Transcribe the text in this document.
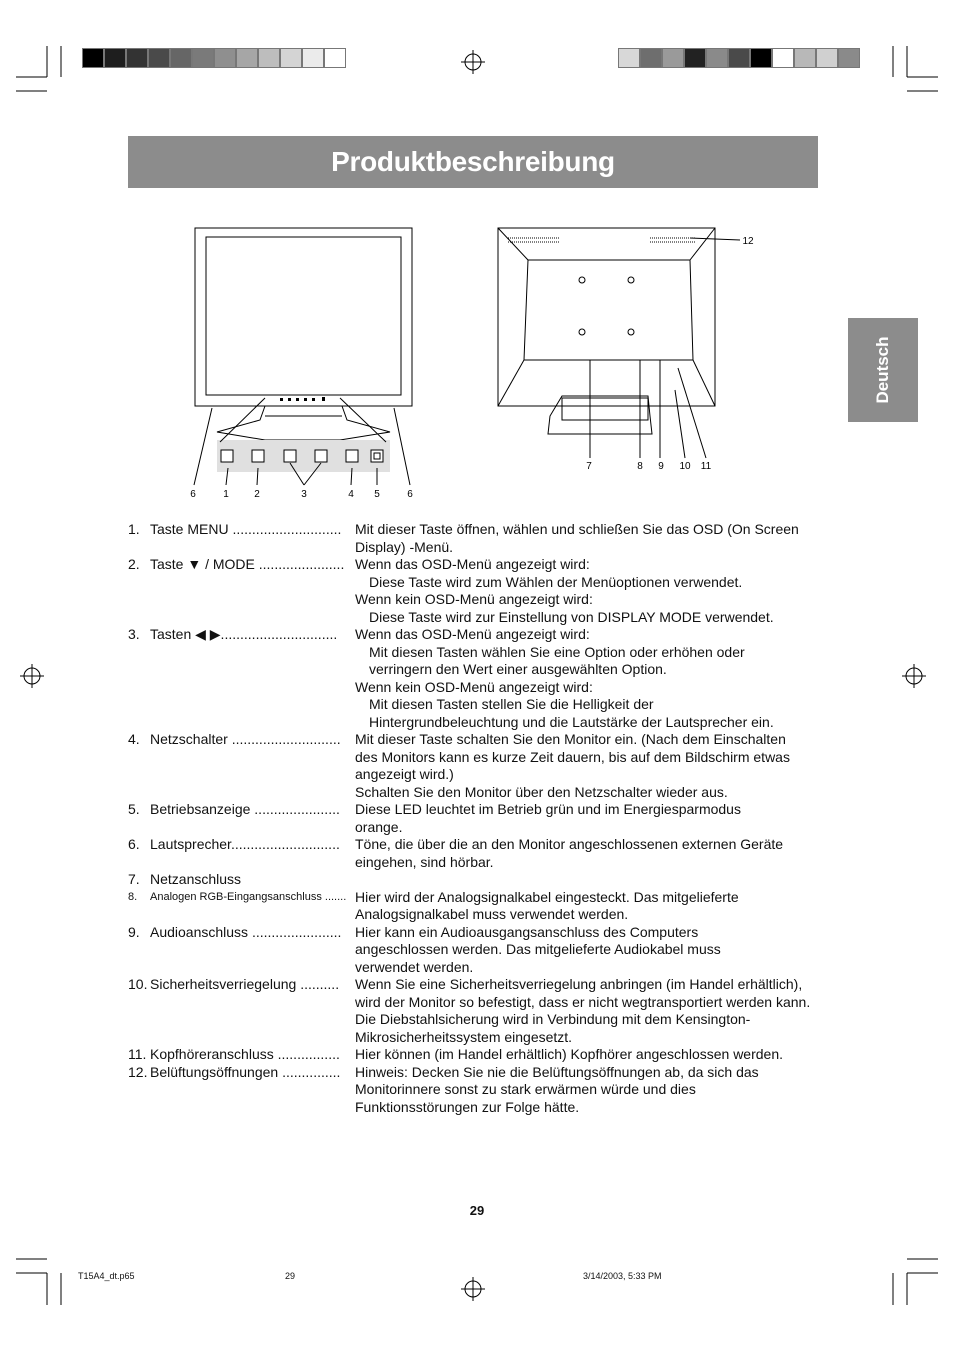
Produktbeschreibung
Deutsch
6	1	2	3	4 5	6
12
7	8 9 10 11
1. Taste MENU ............................ Mit dieser Taste öffnen, wählen und schließen Sie das OSD (On Screen
Display) -Menü.
2. Taste ▼ / MODE ...................... Wenn das OSD-Menü angezeigt wird:
Diese Taste wird zum Wählen der Menüoptionen verwendet.
Wenn kein OSD-Menü angezeigt wird:
Diese Taste wird zur Einstellung von DISPLAY MODE verwendet.
3. Tasten ◀ ▶..............................	Wenn das OSD-Menü angezeigt wird:
Mit diesen Tasten wählen Sie eine Option oder erhöhen oder
verringern den Wert einer ausgewählten Option.
Wenn kein OSD-Menü angezeigt wird:
Mit diesen Tasten stellen Sie die Helligkeit der
Hintergrundbeleuchtung und die Lautstärke der Lautsprecher ein.
4. Netzschalter ............................	Mit dieser Taste schalten Sie den Monitor ein. (Nach dem Einschalten
des Monitors kann es kurze Zeit dauern, bis auf dem Bildschirm etwas
angezeigt wird.)
Schalten Sie den Monitor über den Netzschalter wieder aus.
5. Betriebsanzeige ......................	Diese LED leuchtet im Betrieb grün und im Energiesparmodus
orange.
6. Lautsprecher............................	Töne, die über die an den Monitor angeschlossenen externen Geräte
eingehen, sind hörbar.
7. Netzanschluss
8. Analogen RGB-Eingangsanschluss ....... Hier wird der Analogsignalkabel eingesteckt. Das mitgelieferte
Analogsignalkabel muss verwendet werden.
9. Audioanschluss ....................... Hier kann ein Audioausgangsanschluss des Computers
angeschlossen werden. Das mitgelieferte Audiokabel muss
verwendet werden.
10. Sicherheitsverriegelung ..........	Wenn Sie eine Sicherheitsverriegelung anbringen (im Handel erhältlich),
wird der Monitor so befestigt, dass er nicht wegtransportiert werden kann.
Die Diebstahlsicherung wird in Verbindung mit dem Kensington-
Mikrosicherheitssystem eingesetzt.
11. Kopfhöreranschluss ................	Hier können (im Handel erhältlich) Kopfhörer angeschlossen werden.
12. Belüftungsöffnungen ...............	Hinweis: Decken Sie nie die Belüftungsöffnungen ab, da sich das
Monitorinnere sonst zu stark erwärmen würde und dies
Funktionsstörungen zur Folge hätte.
29
T15A4_dt.p65	29	3/14/2003, 5:33 PM
